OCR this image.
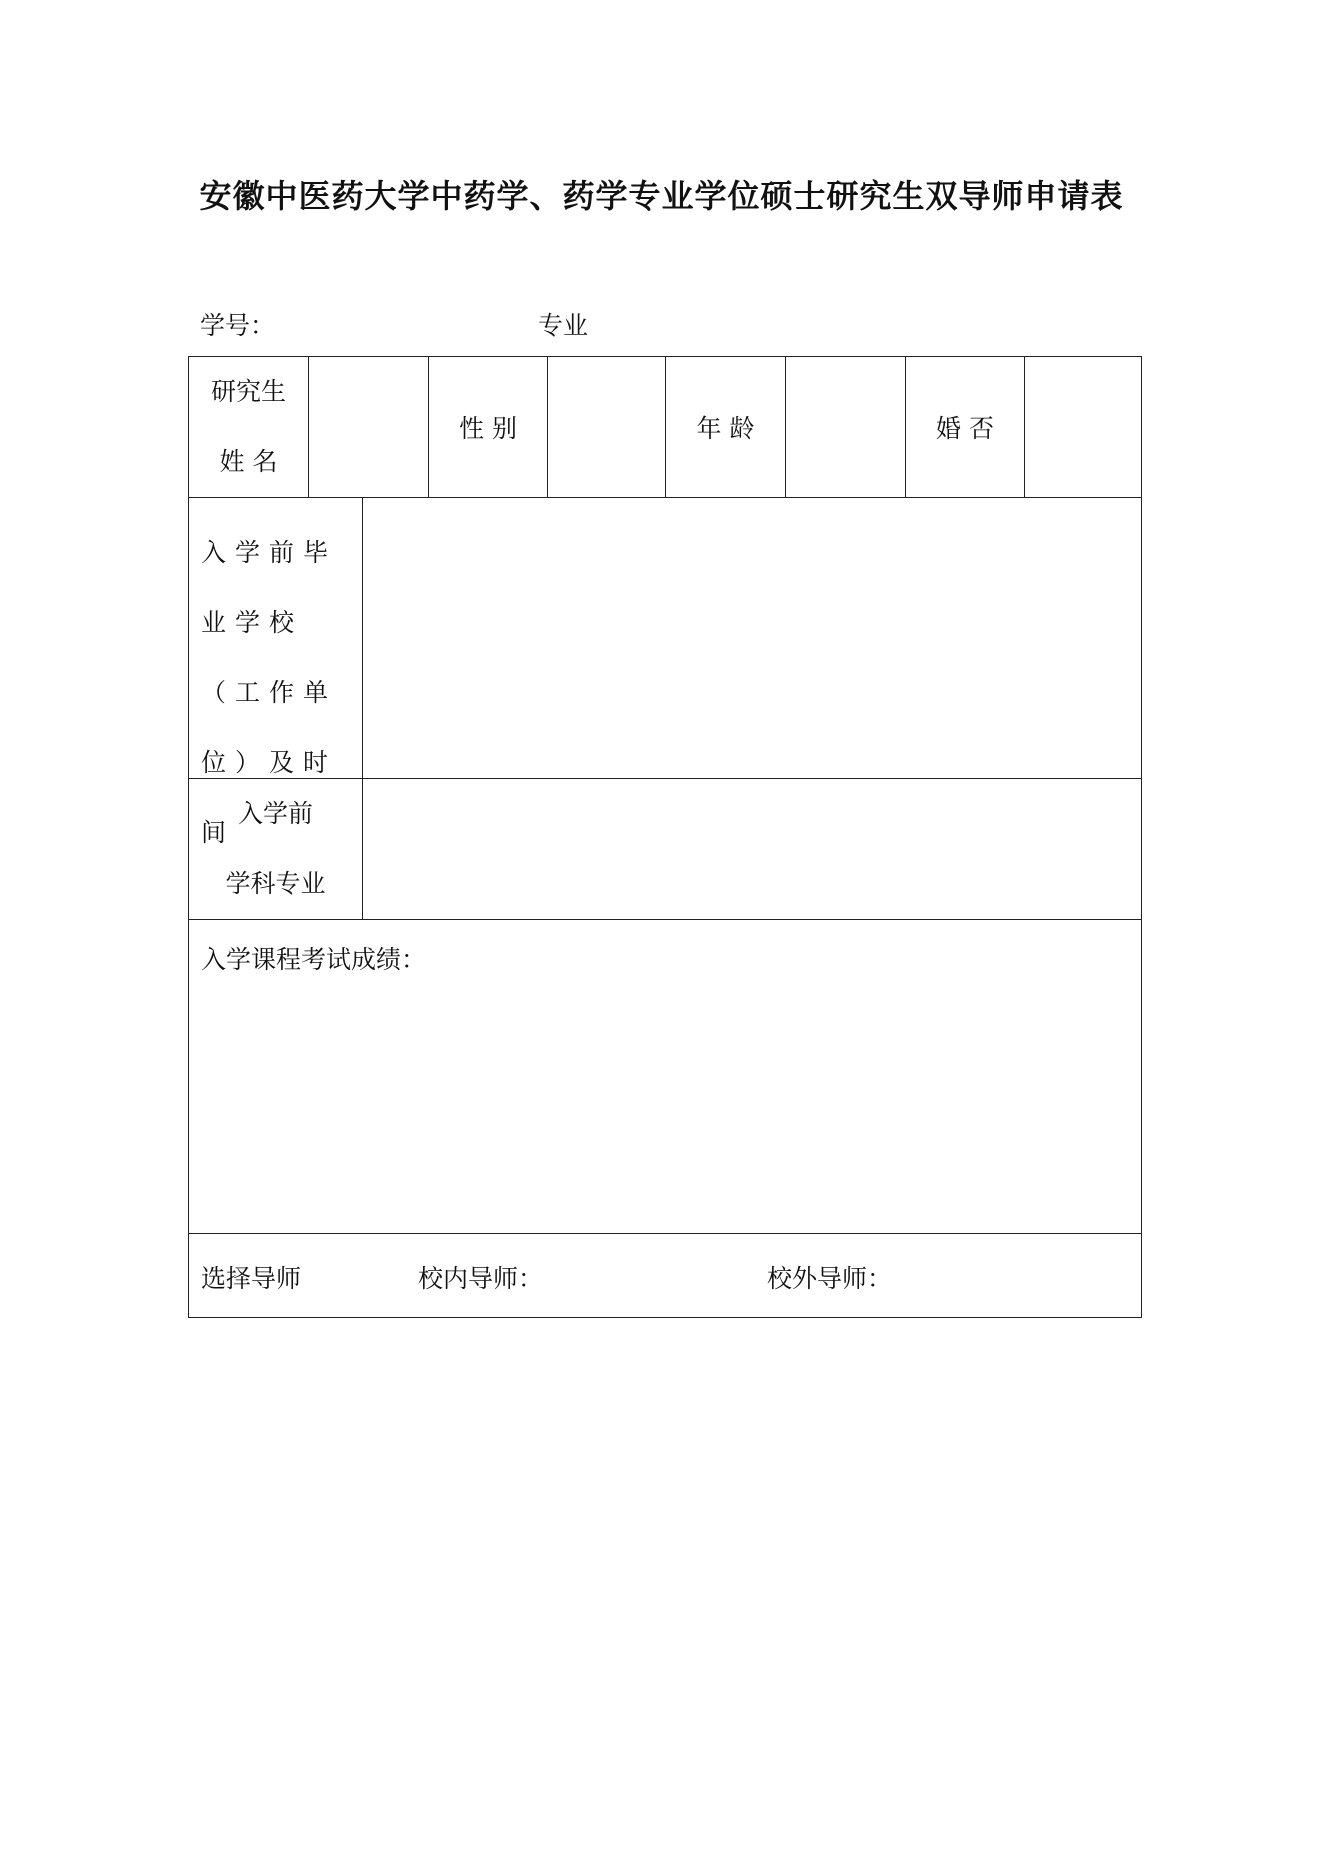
安徽中医药大学中药学、药学专业学位硕士研究生双导师申请表
学号：	专业
研究生
姓 名
性 别	年 龄	婚 否
入学前毕业学校（工作单位）及时间
入学前
学科专业
入学课程考试成绩：
选择导师	校内导师：	校外导师：
